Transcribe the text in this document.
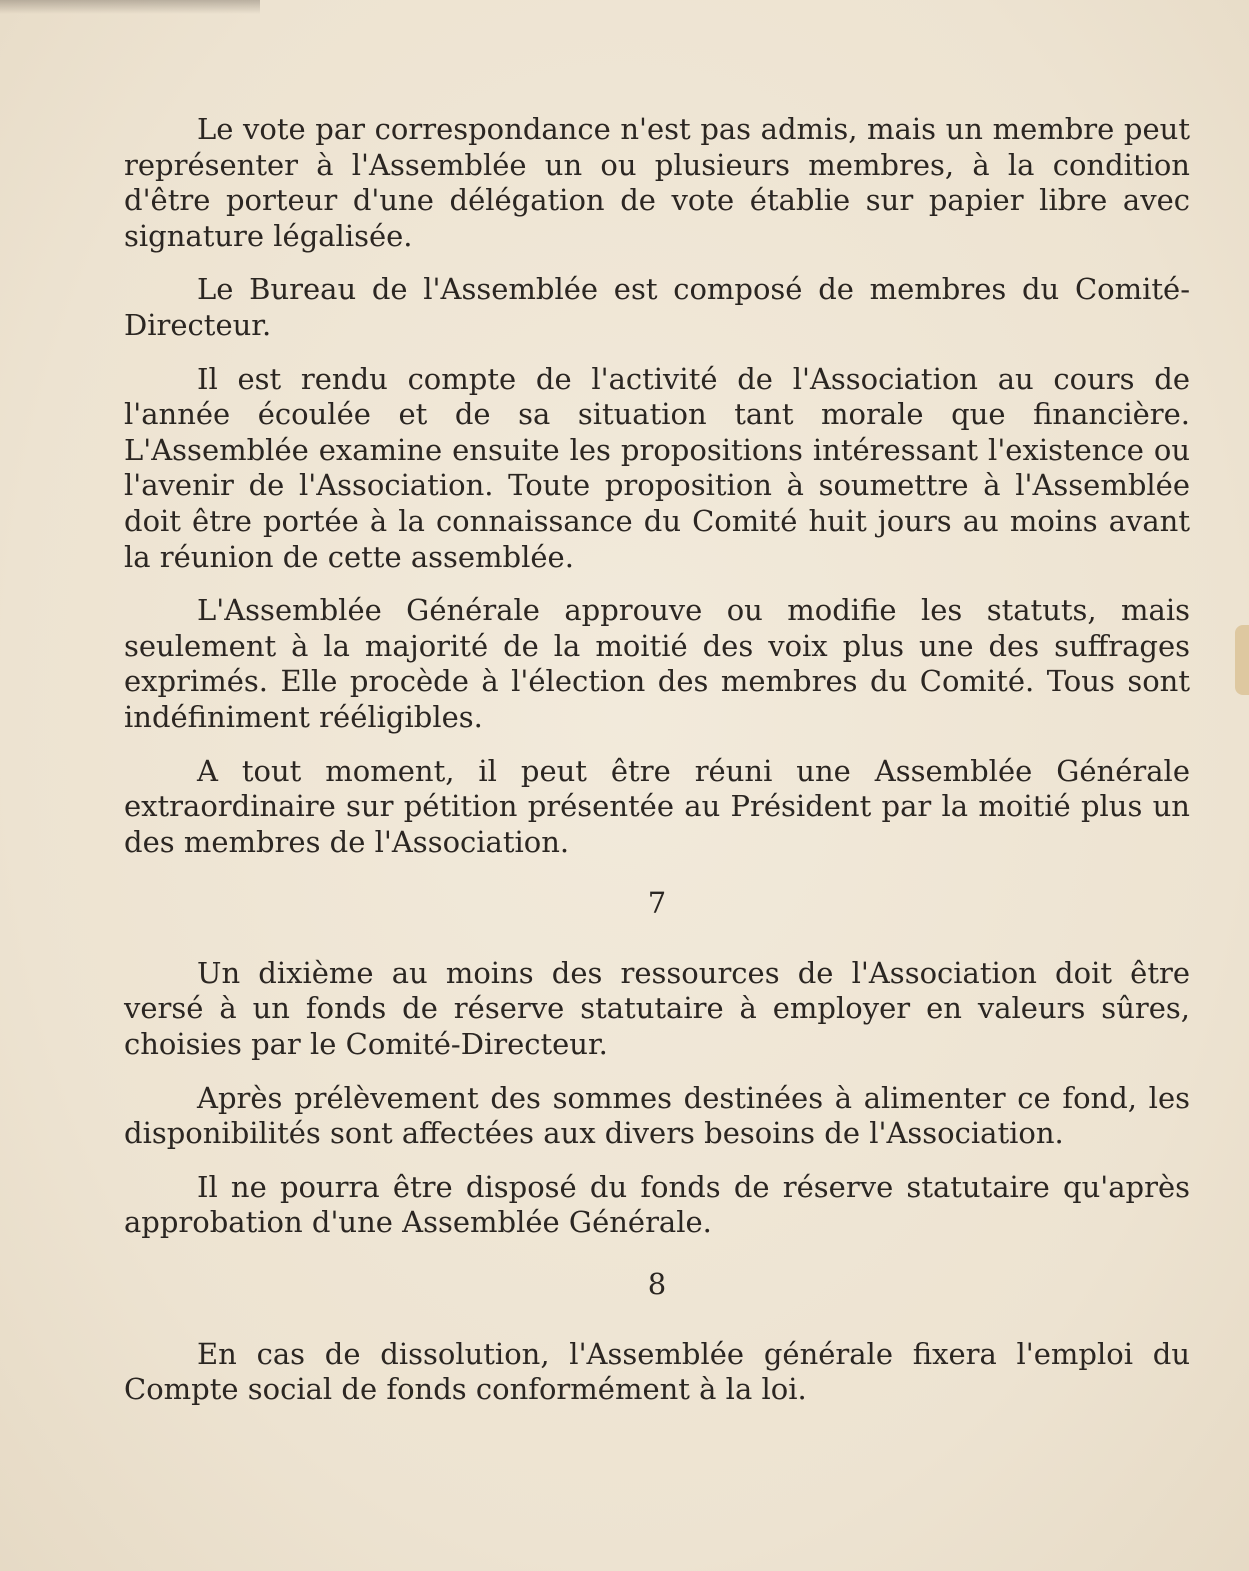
Le vote par correspondance n'est pas admis, mais un membre peut représenter à l'Assemblée un ou plusieurs membres, à la condition d'être porteur d'une délégation de vote établie sur papier libre avec signature légalisée.

Le Bureau de l'Assemblée est composé de membres du Comité-Directeur.

Il est rendu compte de l'activité de l'Association au cours de l'année écoulée et de sa situation tant morale que financière. L'Assemblée examine ensuite les propositions intéressant l'existence ou l'avenir de l'Association. Toute proposition à soumettre à l'Assemblée doit être portée à la connaissance du Comité huit jours au moins avant la réunion de cette assemblée.

L'Assemblée Générale approuve ou modifie les statuts, mais seulement à la majorité de la moitié des voix plus une des suffrages exprimés. Elle procède à l'élection des membres du Comité. Tous sont indéfiniment rééligibles.

A tout moment, il peut être réuni une Assemblée Générale extraordinaire sur pétition présentée au Président par la moitié plus un des membres de l'Association.

7

Un dixième au moins des ressources de l'Association doit être versé à un fonds de réserve statutaire à employer en valeurs sûres, choisies par le Comité-Directeur.

Après prélèvement des sommes destinées à alimenter ce fond, les disponibilités sont affectées aux divers besoins de l'Association.

Il ne pourra être disposé du fonds de réserve statutaire qu'après approbation d'une Assemblée Générale.

8

En cas de dissolution, l'Assemblée générale fixera l'emploi du Compte social de fonds conformément à la loi.
